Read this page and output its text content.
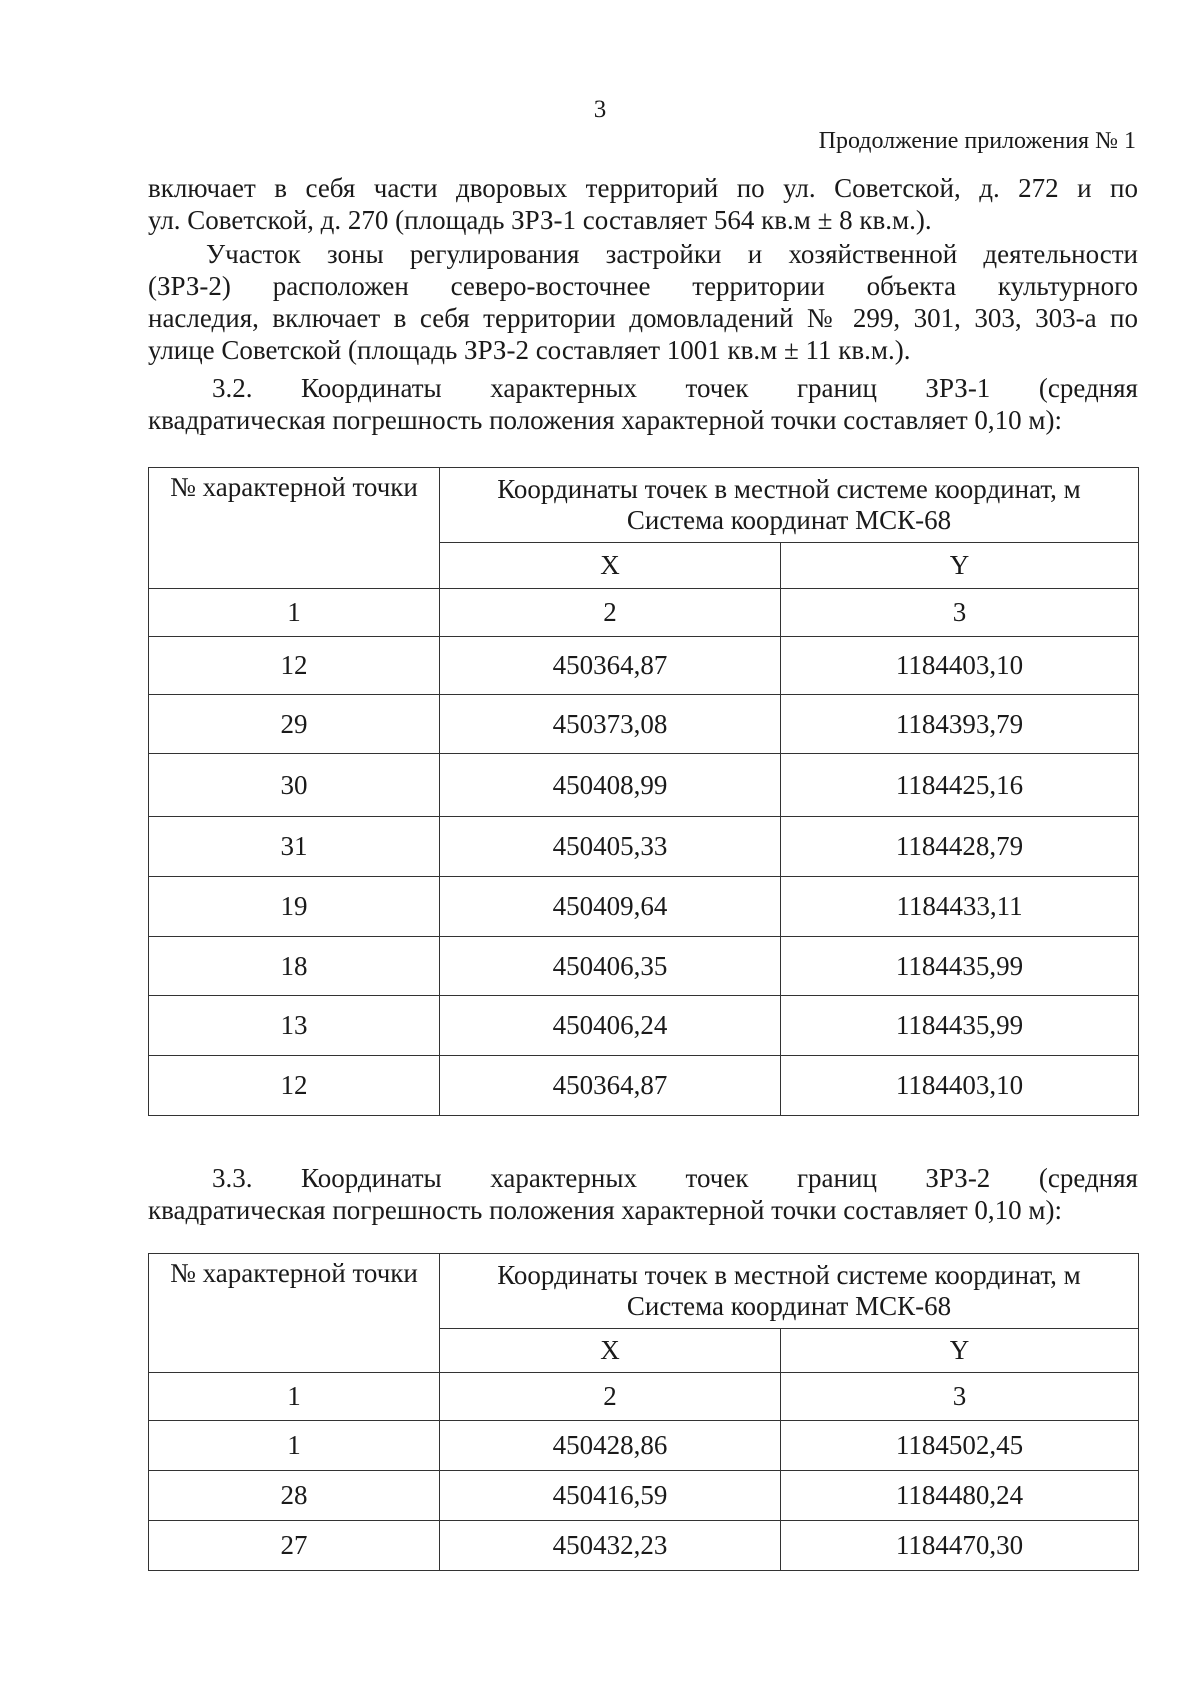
3
Продолжение приложения № 1
включает в себя части дворовых территорий по ул. Советской, д. 272 и по
ул. Советской, д. 270 (площадь ЗРЗ-1 составляет 564 кв.м ± 8 кв.м.).
Участок зоны регулирования застройки и хозяйственной деятельности
(ЗРЗ-2) расположен северо-восточнее территории объекта культурного
наследия, включает в себя территории домовладений № 299, 301, 303, 303-а по
улице Советской (площадь ЗРЗ-2 составляет 1001 кв.м ± 11 кв.м.).
3.2. Координаты характерных точек границ ЗРЗ-1 (средняя
квадратическая погрешность положения характерной точки составляет 0,10 м):
№ характерной точки	Координаты точек в местной системе координат, м
Система координат МСК-68	

	X	Y
1	2	3
12	450364,87	1184403,10
29	450373,08	1184393,79
30	450408,99	1184425,16
31	450405,33	1184428,79
19	450409,64	1184433,11
18	450406,35	1184435,99
13	450406,24	1184435,99
12	450364,87	1184403,10
3.3. Координаты характерных точек границ ЗРЗ-2 (средняя
квадратическая погрешность положения характерной точки составляет 0,10 м):
№ характерной точки	Координаты точек в местной системе координат, м
Система координат МСК-68	

	X	Y
1	2	3
1	450428,86	1184502,45
28	450416,59	1184480,24
27	450432,23	1184470,30
